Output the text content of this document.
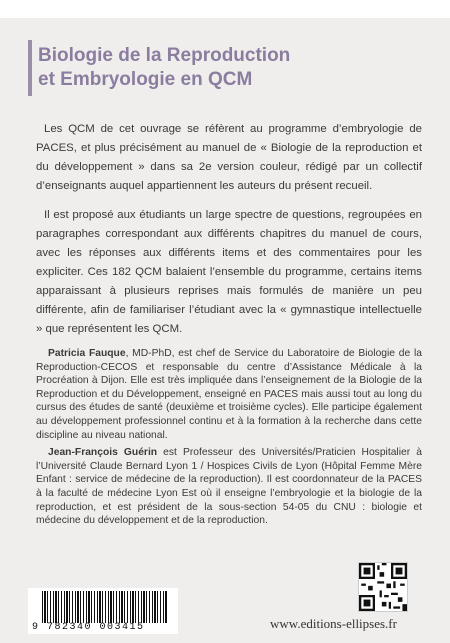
Biologie de la Reproduction
et Embryologie en QCM

Les QCM de cet ouvrage se réfèrent au programme d’embryologie de PACES, et plus précisément au manuel de « Biologie de la reproduction et du développement » dans sa 2e version couleur, rédigé par un collectif d’enseignants auquel appartiennent les auteurs du présent recueil.

Il est proposé aux étudiants un large spectre de questions, regroupées en paragraphes correspondant aux différents chapitres du manuel de cours, avec les réponses aux différents items et des commentaires pour les expliciter. Ces 182 QCM balaient l’ensemble du programme, certains items apparaissant à plusieurs reprises mais formulés de manière un peu différente, afin de familiariser l’étudiant avec la « gymnastique intellectuelle » que représentent les QCM.

Patricia Fauque, MD-PhD, est chef de Service du Laboratoire de Biologie de la Reproduction-CECOS et responsable du centre d’Assistance Médicale à la Procréation à Dijon. Elle est très impliquée dans l’enseignement de la Biologie de la Reproduction et du Développement, enseigné en PACES mais aussi tout au long du cursus des études de santé (deuxième et troisième cycles). Elle participe également au développement professionnel continu et à la formation à la recherche dans cette discipline au niveau national.

Jean-François Guérin est Professeur des Universités/Praticien Hospitalier à l’Université Claude Bernard Lyon 1 / Hospices Civils de Lyon (Hôpital Femme Mère Enfant : service de médecine de la reproduction). Il est coordonnateur de la PACES à la faculté de médecine Lyon Est où il enseigne l’embryologie et la biologie de la reproduction, et est président de la sous-section 54-05 du CNU : biologie et médecine du développement et de la reproduction.

9 782340 003415	www.editions-ellipses.fr
